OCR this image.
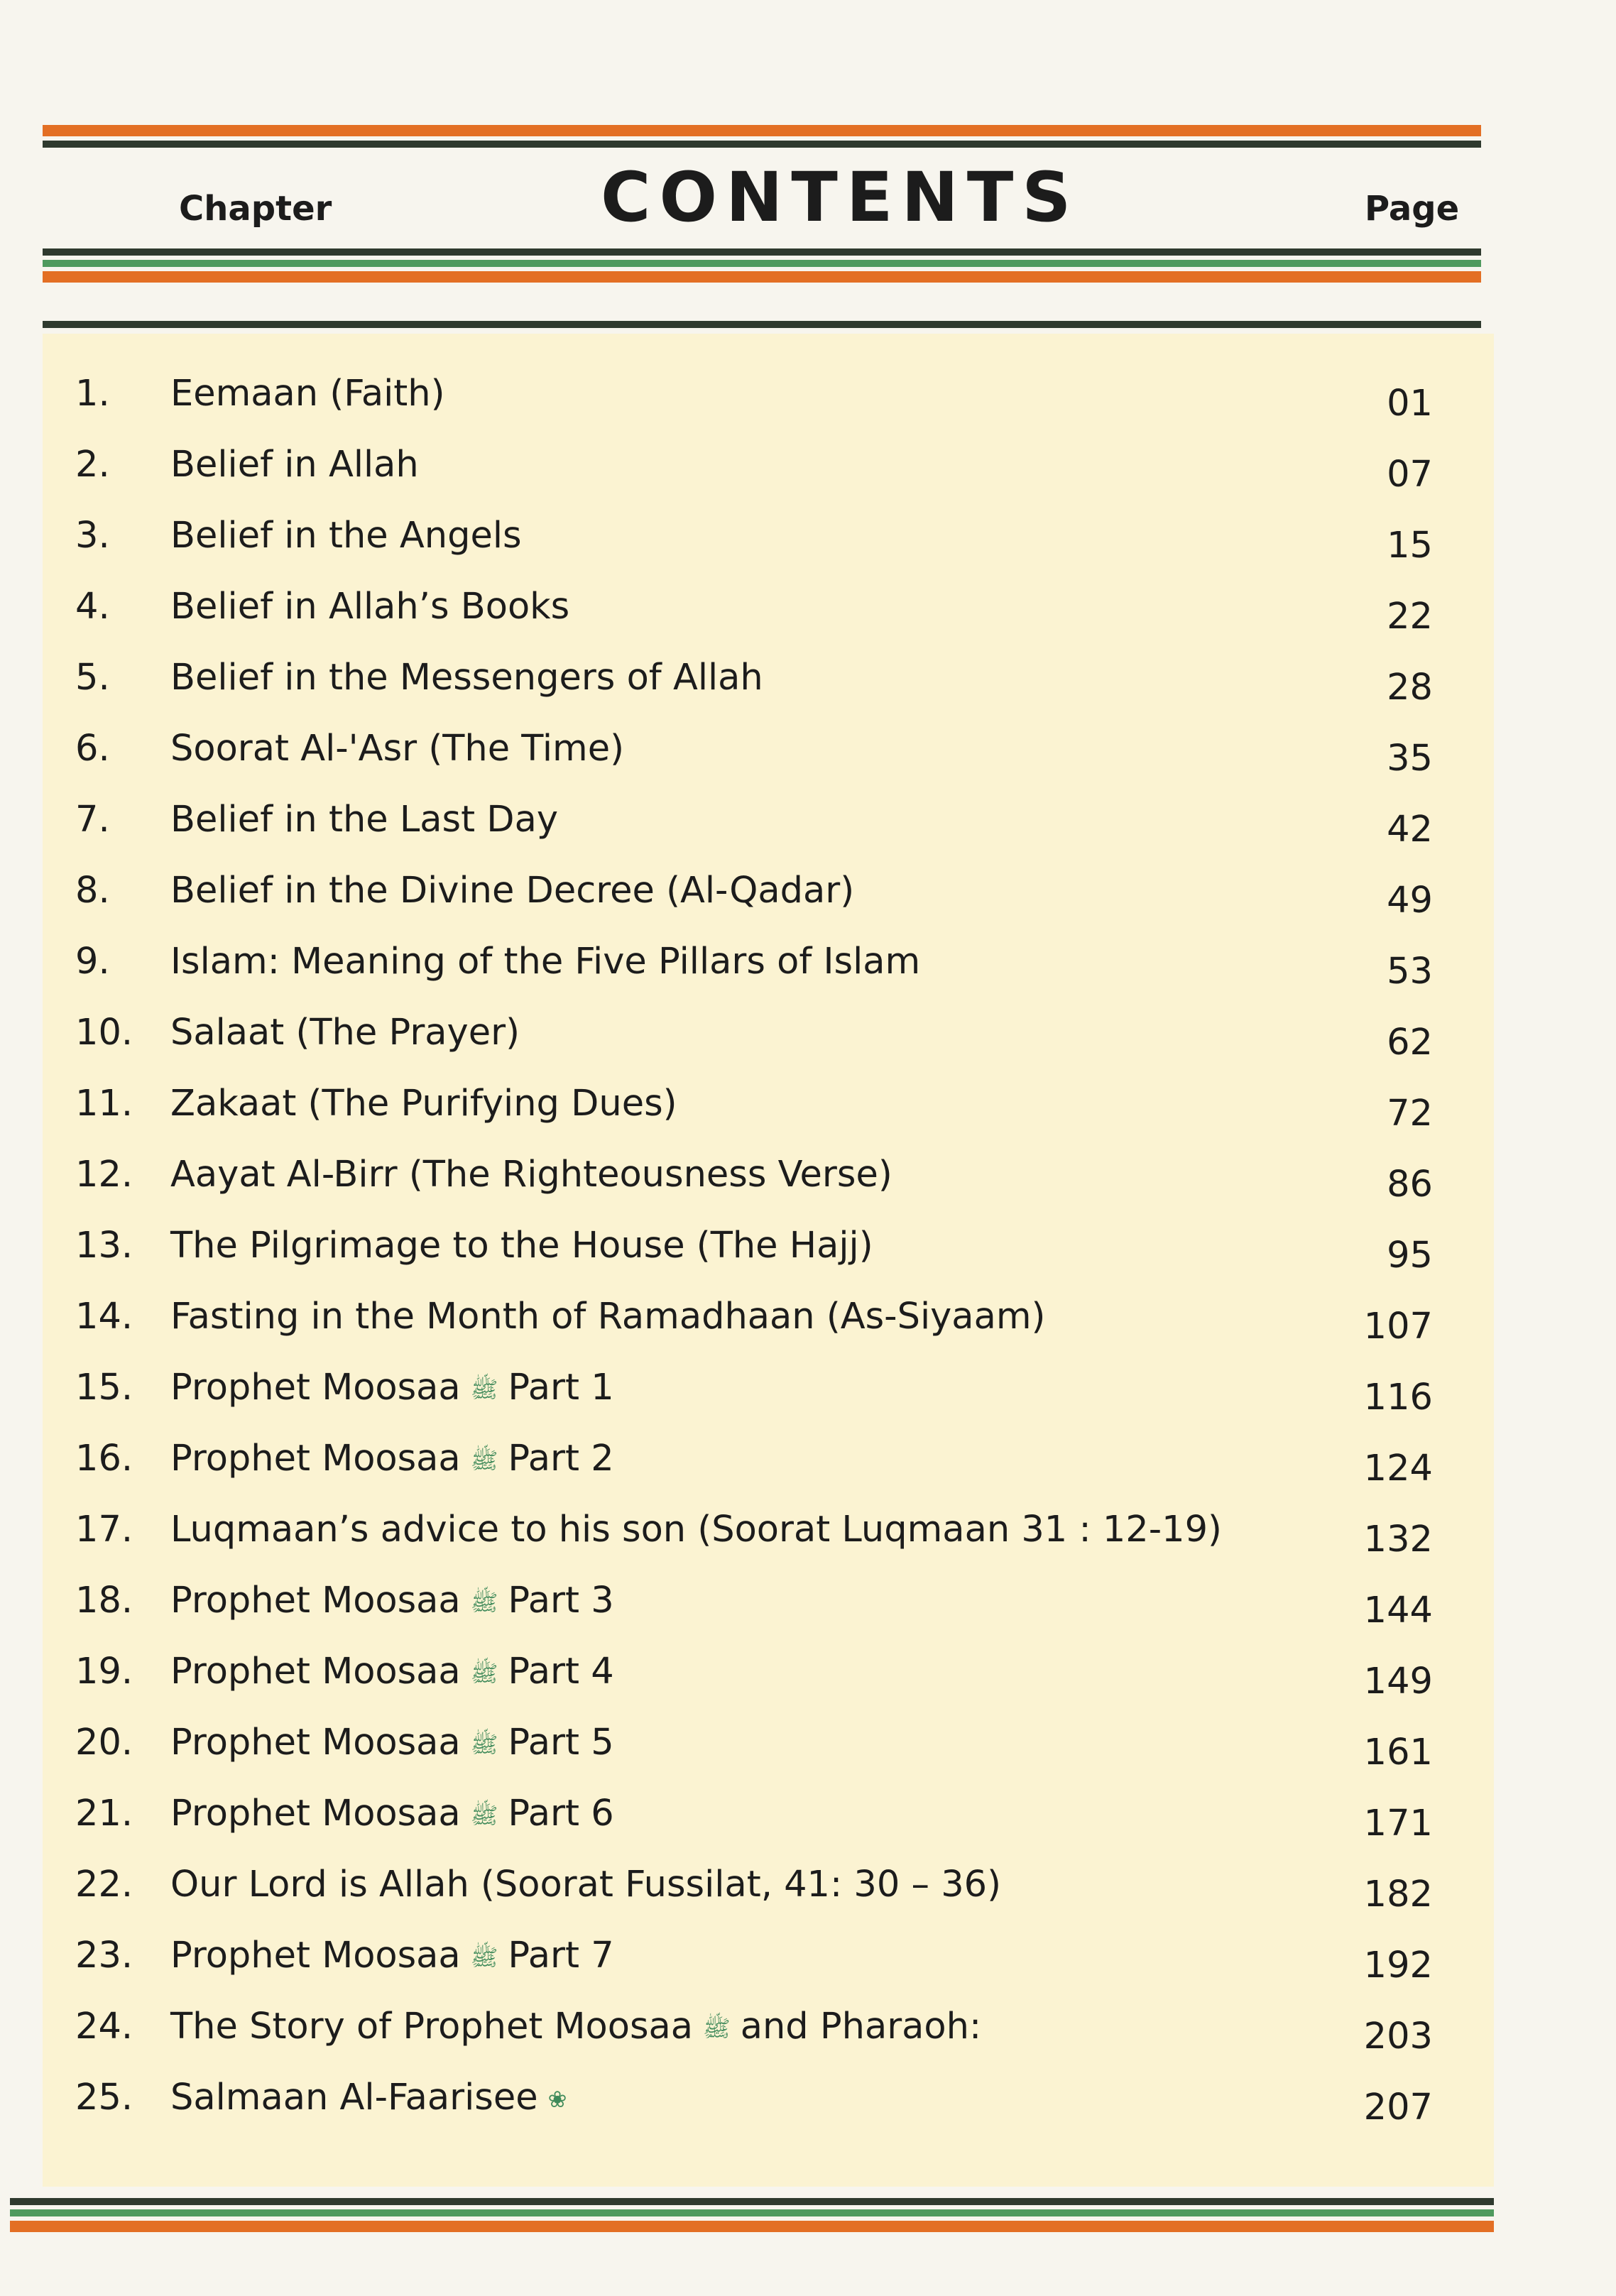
Chapter	CONTENTS	Page
1. Eemaan (Faith)	01
2. Belief in Allah	07
3. Belief in the Angels	15
4. Belief in Allah’s Books	22
5. Belief in the Messengers of Allah	28
6. Soorat Al-'Asr (The Time)	35
7. Belief in the Last Day	42
8. Belief in the Divine Decree (Al-Qadar)	49
9. Islam: Meaning of the Five Pillars of Islam	53
10. Salaat (The Prayer)	62
11. Zakaat (The Purifying Dues)	72
12. Aayat Al-Birr (The Righteousness Verse)	86
13. The Pilgrimage to the House (The Hajj)	95
14. Fasting in the Month of Ramadhaan (As-Siyaam)	107
15. Prophet Moosaa ﷺ Part 1	116
16. Prophet Moosaa ﷺ Part 2	124
17. Luqmaan’s advice to his son (Soorat Luqmaan 31 : 12-19)	132
18. Prophet Moosaa ﷺ Part 3	144
19. Prophet Moosaa ﷺ Part 4	149
20. Prophet Moosaa ﷺ Part 5	161
21. Prophet Moosaa ﷺ Part 6	171
22. Our Lord is Allah (Soorat Fussilat, 41: 30 – 36)	182
23. Prophet Moosaa ﷺ Part 7	192
24. The Story of Prophet Moosaa ﷺ and Pharaoh:	203
25. Salmaan Al-Faarisee ❀	207
